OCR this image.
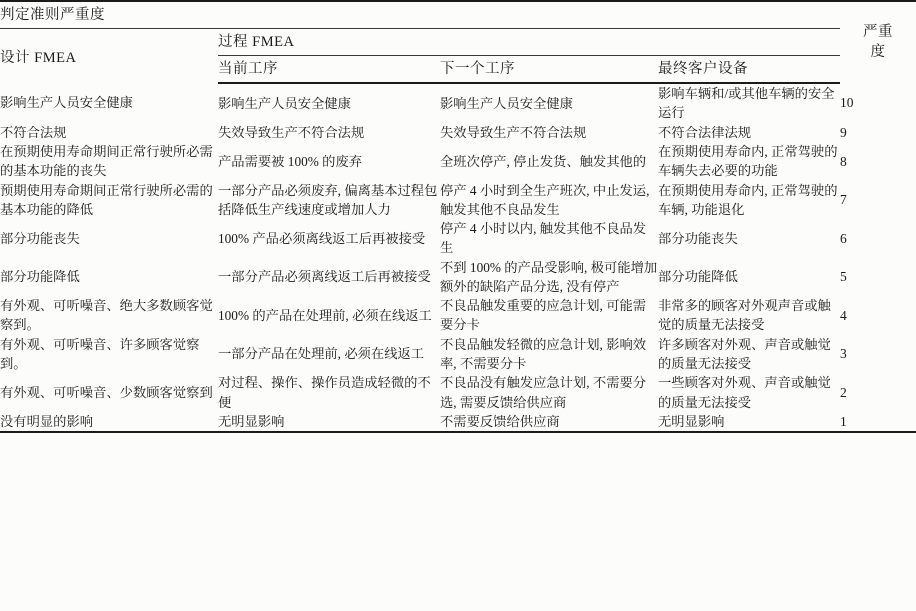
判定准则严重度				严重
度

设计 FMEA	过程 FMEA			
	当前工序	下一个工序	最终客户设备	
影响生产人员安全健康	影响生产人员安全健康	影响生产人员安全健康	影响车辆和/或其他车辆的安全运行	10
不符合法规	失效导致生产不符合法规	失效导致生产不符合法规	不符合法律法规	9
在预期使用寿命期间正常行驶所必需的基本功能的丧失	产品需要被 100% 的废弃	全班次停产, 停止发货、触发其他的	在预期使用寿命内, 正常驾驶的车辆失去必要的功能	8
预期使用寿命期间正常行驶所必需的基本功能的降低	一部分产品必须废弃, 偏离基本过程包括降低生产线速度或增加人力	停产 4 小时到全生产班次, 中止发运, 触发其他不良品发生	在预期使用寿命内, 正常驾驶的车辆, 功能退化	7
部分功能丧失	100% 产品必须离线返工后再被接受	停产 4 小时以内, 触发其他不良品发生	部分功能丧失	6
部分功能降低	一部分产品必须离线返工后再被接受	不到 100% 的产品受影响, 极可能增加额外的缺陷产品分选, 没有停产	部分功能降低	5
有外观、可听噪音、绝大多数顾客觉察到。	100% 的产品在处理前, 必须在线返工	不良品触发重要的应急计划, 可能需要分卡	非常多的顾客对外观声音或触觉的质量无法接受	4
有外观、可听噪音、许多顾客觉察到。	一部分产品在处理前, 必须在线返工	不良品触发轻微的应急计划, 影响效率, 不需要分卡	许多顾客对外观、声音或触觉的质量无法接受	3
有外观、可听噪音、少数顾客觉察到	对过程、操作、操作员造成轻微的不便	不良品没有触发应急计划, 不需要分选, 需要反馈给供应商	一些顾客对外观、声音或触觉的质量无法接受	2
没有明显的影响	无明显影响	不需要反馈给供应商	无明显影响	1
